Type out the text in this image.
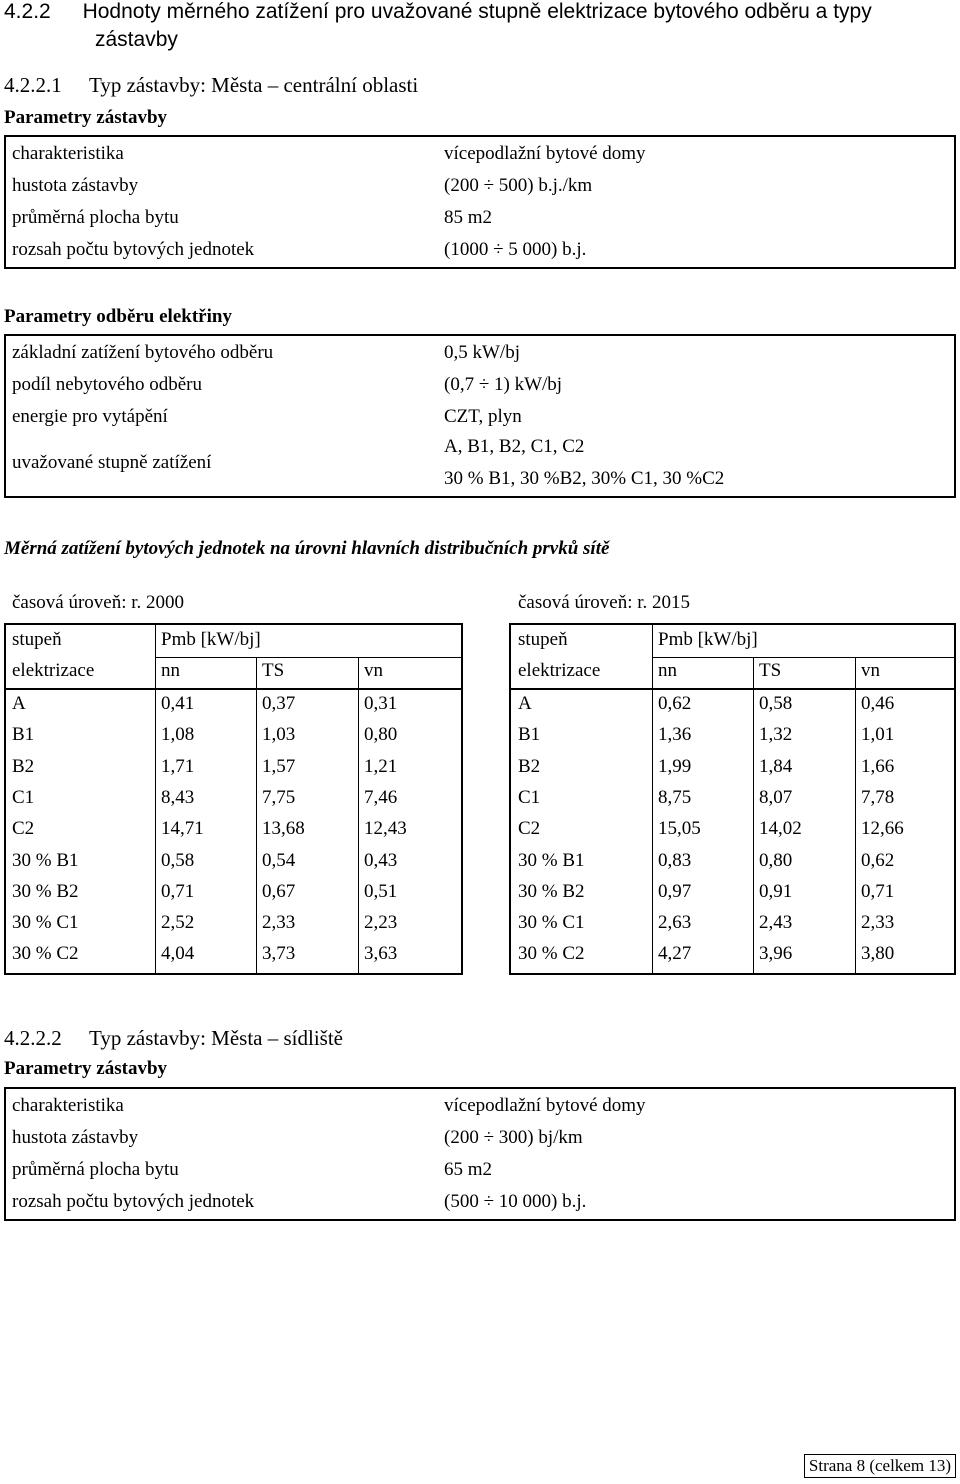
4.2.2 Hodnoty měrného zatížení pro uvažované stupně elektrizace bytového odběru a typy
zástavby
4.2.2.1 Typ zástavby: Města – centrální oblasti
Parametry zástavby
charakteristika	vícepodlažní bytové domy
hustota zástavby	(200 ÷ 500) b.j./km
průměrná plocha bytu	85 m2
rozsah počtu bytových jednotek	(1000 ÷ 5 000) b.j.
Parametry odběru elektřiny
základní zatížení bytového odběru	0,5 kW/bj
podíl nebytového odběru	(0,7 ÷ 1) kW/bj
energie pro vytápění	CZT, plyn
uvažované stupně zatížení
A, B1, B2, C1, C2
30 % B1, 30 %B2, 30% C1, 30 %C2
Měrná zatížení bytových jednotek na úrovni hlavních distribučních prvků sítě
časová úroveň: r. 2000
stupeň
elektrizace
Pmb [kW/bj]
nn	TS	vn
A	0,41	0,37	0,31
B1	1,08	1,03	0,80
B2	1,71	1,57	1,21
C1	8,43	7,75	7,46
C2	14,71	13,68	12,43
30 % B1	0,58	0,54	0,43
30 % B2	0,71	0,67	0,51
30 % C1	2,52	2,33	2,23
30 % C2	4,04	3,73	3,63
časová úroveň: r. 2015
stupeň
elektrizace
Pmb [kW/bj]
nn	TS	vn
A	0,62	0,58	0,46
B1	1,36	1,32	1,01
B2	1,99	1,84	1,66
C1	8,75	8,07	7,78
C2	15,05	14,02	12,66
30 % B1	0,83	0,80	0,62
30 % B2	0,97	0,91	0,71
30 % C1	2,63	2,43	2,33
30 % C2	4,27	3,96	3,80
4.2.2.2 Typ zástavby: Města – sídliště
Parametry zástavby
charakteristika	vícepodlažní bytové domy
hustota zástavby	(200 ÷ 300) bj/km
průměrná plocha bytu	65 m2
rozsah počtu bytových jednotek	(500 ÷ 10 000) b.j.
Strana 8 (celkem 13)
